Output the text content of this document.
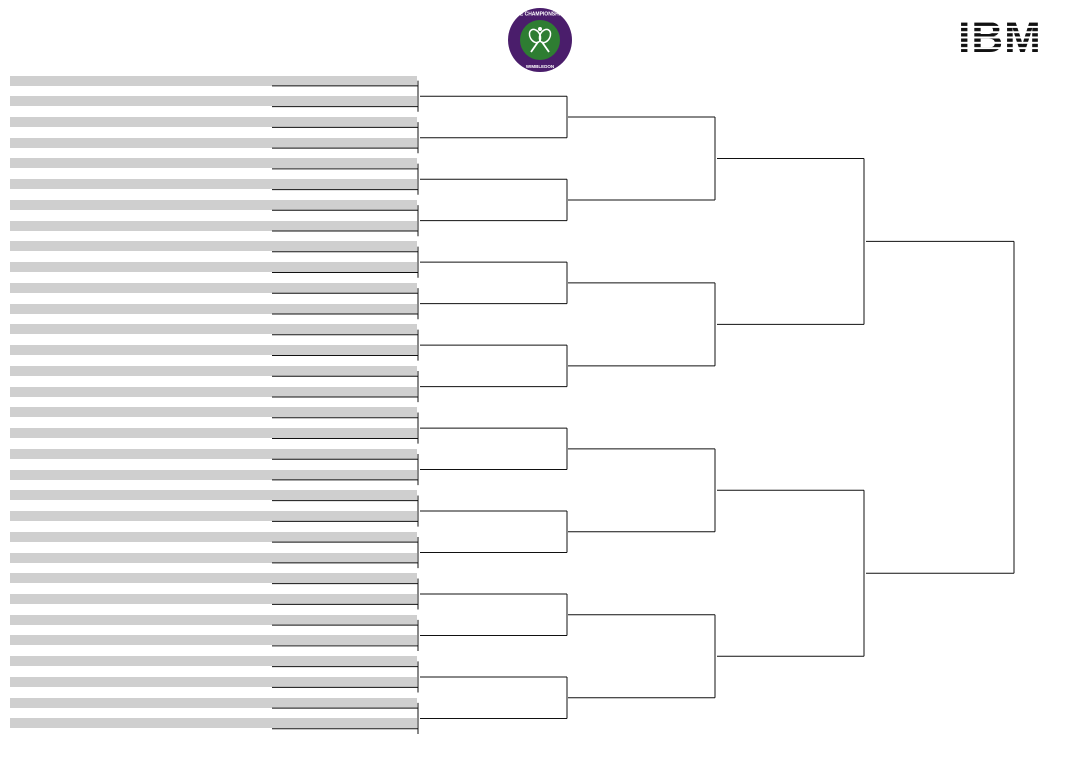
THE CHAMPIONSHIPS
WIMBLEDON
IBM
